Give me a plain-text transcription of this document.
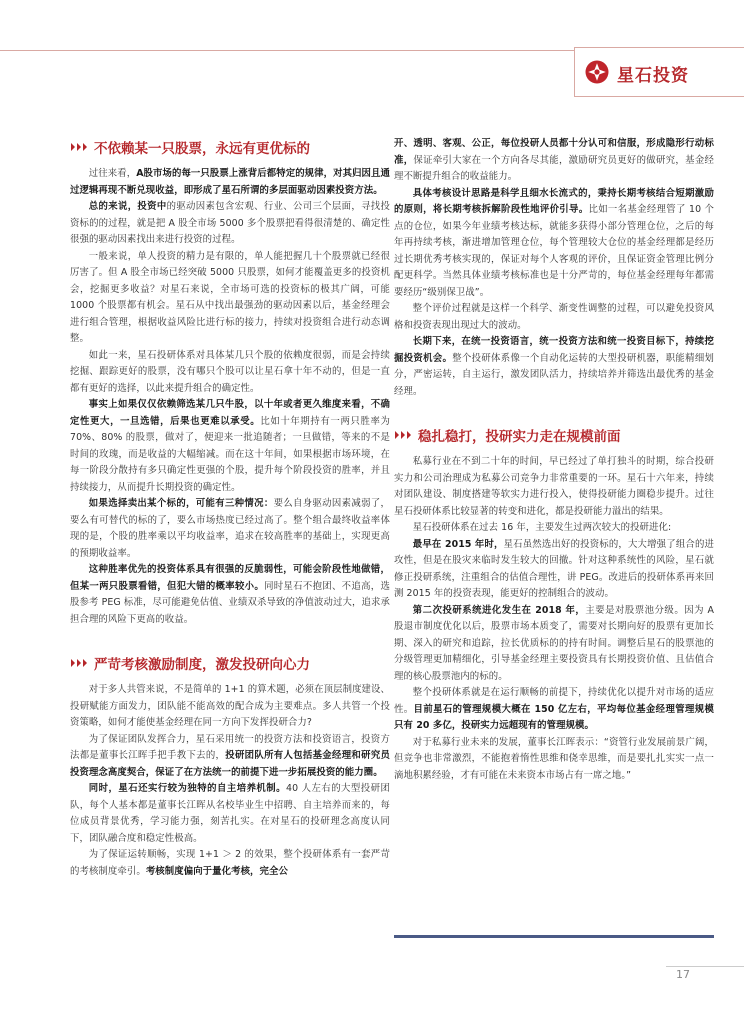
星石投资
不依赖某一只股票，永远有更优标的

过往来看，A股市场的每一只股票上涨背后都特定的规律，对其归因且通过逻辑再现不断兑现收益，即形成了星石所谓的多层面驱动因素投资方法。

总的来说，投资中的驱动因素包含宏观、行业、公司三个层面，寻找投资标的的过程，就是把 A 股全市场 5000 多个股票把看得很清楚的、确定性很强的驱动因素找出来进行投资的过程。

一般来说，单人投资的精力是有限的，单人能把握几十个股票就已经很厉害了。但 A 股全市场已经突破 5000 只股票，如何才能覆盖更多的投资机会，挖掘更多收益？对星石来说，全市场可选的投资标的极其广阔，可能 1000 个股票都有机会。星石从中找出最强劲的驱动因素以后，基金经理会进行组合管理，根据收益风险比进行标的接力，持续对投资组合进行动态调整。

如此一来，星石投研体系对具体某几只个股的依赖度很弱，而是会持续挖掘、跟踪更好的股票，没有哪只个股可以让星石拿十年不动的，但是一直都有更好的选择，以此来提升组合的确定性。

事实上如果仅仅依赖筛选某几只牛股，以十年或者更久维度来看，不确定性更大，一旦选错，后果也更难以承受。比如十年期持有一两只胜率为 70%、80% 的股票，做对了，便迎来一批追随者；一旦做错，等来的不是时间的玫瑰，而是收益的大幅缩减。而在这十年间，如果根据市场环境，在每一阶段分散持有多只确定性更强的个股，提升每个阶段投资的胜率，并且持续接力，从而提升长期投资的确定性。

如果选择卖出某个标的，可能有三种情况：要么自身驱动因素减弱了，要么有可替代的标的了，要么市场热度已经过高了。整个组合最终收益率体现的是，个股的胜率乘以平均收益率，追求在较高胜率的基础上，实现更高的预期收益率。

这种胜率优先的投资体系具有很强的反脆弱性，可能会阶段性地做错，但某一两只股票看错，但犯大错的概率较小。同时星石不抱团、不追高，选股参考 PEG 标准，尽可能避免估值、业绩双杀导致的净值波动过大，追求承担合理的风险下更高的收益。

严苛考核激励制度，激发投研向心力

对于多人共管来说，不是简单的 1+1 的算术题，必须在顶层制度建设、投研赋能方面发力，团队能不能高效的配合成为主要难点。多人共管一个投资策略，如何才能使基金经理在同一方向下发挥投研合力?

为了保证团队发挥合力，星石采用统一的投资方法和投资语言，投资方法都是董事长江晖手把手教下去的，投研团队所有人包括基金经理和研究员投资理念高度契合，保证了在方法统一的前提下进一步拓展投资的能力圈。

同时，星石还实行较为独特的自主培养机制。40 人左右的大型投研团队，每个人基本都是董事长江晖从名校毕业生中招聘、自主培养而来的，每位成员背景优秀，学习能力强，刻苦扎实。在对星石的投研理念高度认同下，团队融合度和稳定性极高。

为了保证运转顺畅，实现 1+1 ＞ 2 的效果，整个投研体系有一套严苛的考核制度牵引。考核制度偏向于量化考核，完全公

开、透明、客观、公正，每位投研人员都十分认可和信服，形成隐形行动标准，保证牵引大家在一个方向各尽其能，激励研究员更好的做研究，基金经理不断提升组合的收益能力。

具体考核设计思路是科学且细水长流式的，秉持长期考核结合短期激励的原则，将长期考核拆解阶段性地评价引导。比如一名基金经理管了 10 个点的仓位，如果今年业绩考核达标，就能多获得小部分管理仓位，之后的每年再持续考核，渐进增加管理仓位，每个管理较大仓位的基金经理都是经历过长期优秀考核实现的，保证对每个人客观的评价，且保证资金管理比例分配更科学。当然具体业绩考核标准也是十分严苛的，每位基金经理每年都需要经历“级别保卫战”。

整个评价过程就是这样一个科学、渐变性调整的过程，可以避免投资风格和投资表现出现过大的波动。

长期下来，在统一投资语言，统一投资方法和统一投资目标下，持续挖掘投资机会。整个投研体系像一个自动化运转的大型投研机器，职能精细划分，严密运转，自主运行，激发团队活力，持续培养并筛选出最优秀的基金经理。

稳扎稳打，投研实力走在规模前面

私募行业在不到二十年的时间，早已经过了单打独斗的时期，综合投研实力和公司治理成为私募公司竞争力非常重要的一环。星石十六年来，持续对团队建设、制度搭建等软实力进行投入，使得投研能力圈稳步提升。过往星石投研体系比较显著的转变和进化，都是投研能力溢出的结果。

星石投研体系在过去 16 年，主要发生过两次较大的投研进化:

最早在 2015 年时，星石虽然选出好的投资标的，大大增强了组合的进攻性，但是在股灾来临时发生较大的回撤。针对这种系统性的风险，星石就修正投研系统，注重组合的估值合理性，讲 PEG。改进后的投研体系再来回测 2015 年的投资表现，能更好的控制组合的波动。

第二次投研系统进化发生在 2018 年，主要是对股票池分级。因为 A 股退市制度优化以后，股票市场本质变了，需要对长期向好的股票有更加长期、深入的研究和追踪，拉长优质标的的持有时间。调整后星石的股票池的分级管理更加精细化，引导基金经理主要投资具有长期投资价值、且估值合理的核心股票池内的标的。

整个投研体系就是在运行顺畅的前提下，持续优化以提升对市场的适应性。目前星石的管理规模大概在 150 亿左右，平均每位基金经理管理规模只有 20 多亿，投研实力远超现有的管理规模。

对于私募行业未来的发展，董事长江晖表示：“资管行业发展前景广阔，但竞争也非常激烈，不能抱着惰性思维和侥幸思维，而是要扎扎实实一点一滴地积累经验，才有可能在未来资本市场占有一席之地。”

17
